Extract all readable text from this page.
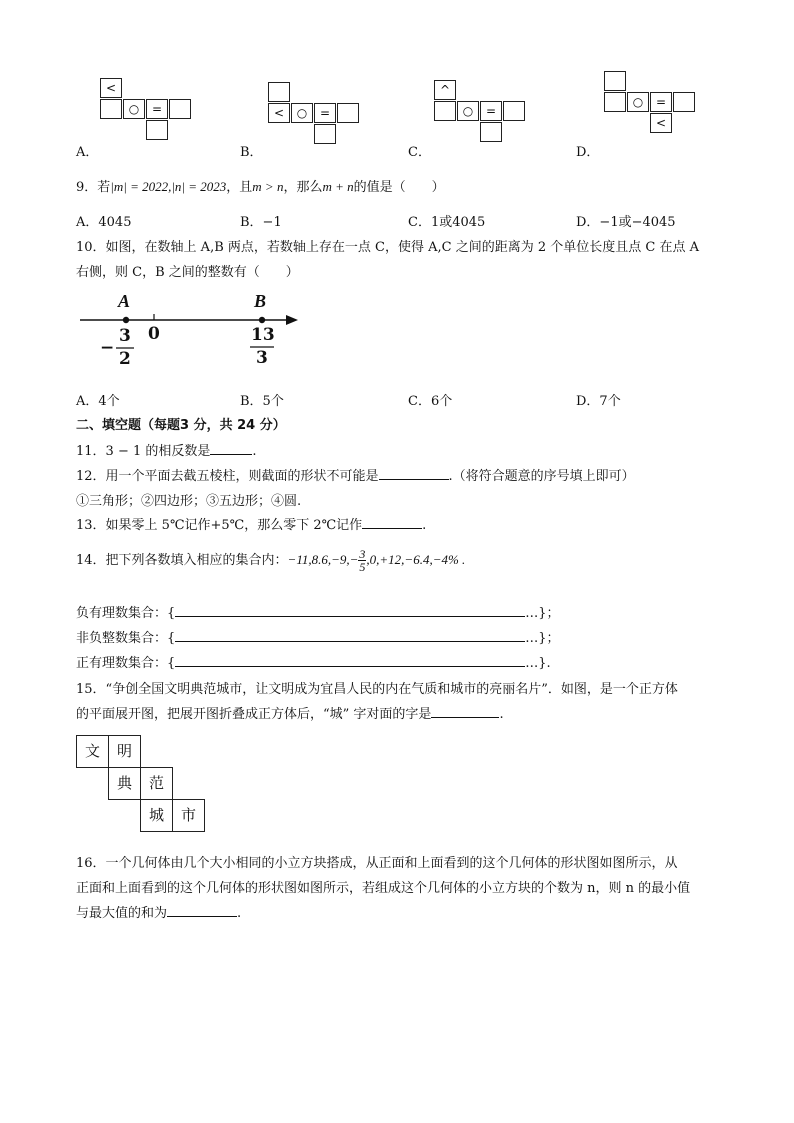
<
○	=
A．
<	○	=
B．
^
○	=
C．
○	=
<
D．
9．若|m| = 2022,|n| = 2023，且m > n，那么m + n的值是（　　）
A．4045	B．−1	C．1或4045	D．−1或−4045
10．如图，在数轴上 A,B 两点，若数轴上存在一点 C，使得 A,C 之间的距离为 2 个单位长度且点 C 在点 A
右侧，则 C，B 之间的整数有（　　）
A	B
0
−
3
2
13
3
A．4个	B．5个	C．6个	D．7个
二、填空题（每题3 分，共 24 分）
11．3 − 1 的相反数是	.
12．用一个平面去截五棱柱，则截面的形状不可能是	.（将符合题意的序号填上即可）
①三角形；②四边形；③五边形；④圆.
13．如果零上 5℃记作+5℃，那么零下 2℃记作	.
14．把下列各数填入相应的集合内：$-11,8.6,-9,- \frac{3}{5} ,0,+12,-6.4,-4\%$ .
负有理数集合：{	…}；
非负整数集合：{	…}；
正有理数集合：{	…}.
15．“争创全国文明典范城市，让文明成为宜昌人民的内在气质和城市的亮丽名片”．如图，是一个正方体
的平面展开图，把展开图折叠成正方体后，“城” 字对面的字是	.
文	明
典	范
城	市
16．一个几何体由几个大小相同的小立方块搭成，从正面和上面看到的这个几何体的形状图如图所示，从
正面和上面看到的这个几何体的形状图如图所示，若组成这个几何体的小立方块的个数为 n，则 n 的最小值
与最大值的和为	.
